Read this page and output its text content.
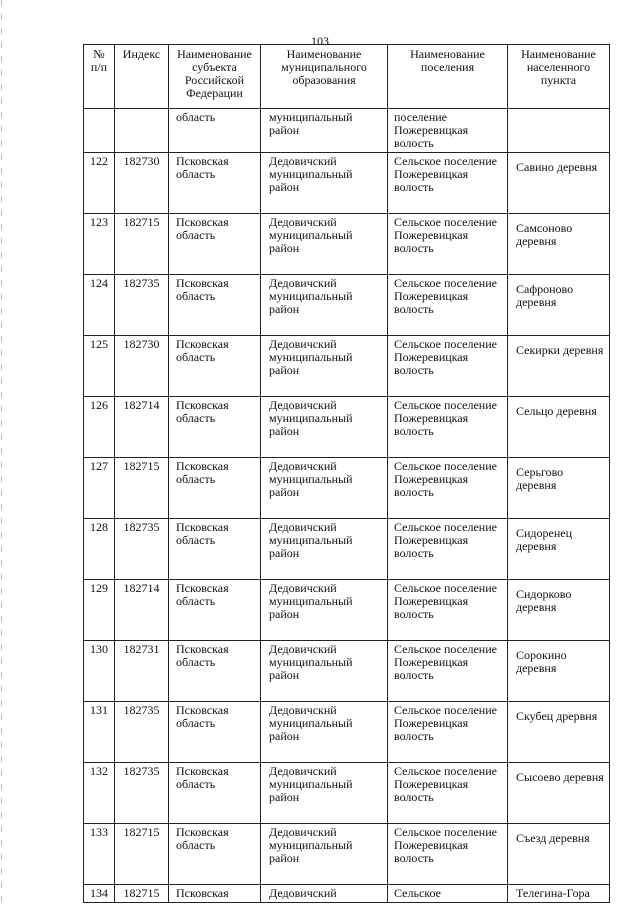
103
№ п/п	Индекс	Наименование субъекта Российской Федерации	Наименование муниципального образования	Наименование поселения	Наименование населенного пункта
		область	муниципальный район	поселение Пожеревицкая волость	
122	182730	Псковская область	Дедовичский муниципальный район	Сельское поселение Пожеревицкая волость	Савино деревня
123	182715	Псковская область	Дедовичский муниципальный район	Сельское поселение Пожеревицкая волость	Самсоново деревня
124	182735	Псковская область	Дедовичский муниципальный район	Сельское поселение Пожеревицкая волость	Сафроново деревня
125	182730	Псковская область	Дедовичский муниципальный район	Сельское поселение Пожеревицкая волость	Секирки деревня
126	182714	Псковская область	Дедовичский муниципальный район	Сельское поселение Пожеревицкая волость	Сельцо деревня
127	182715	Псковская область	Дедовичский муниципальный район	Сельское поселение Пожеревицкая волость	Серьгово деревня
128	182735	Псковская область	Дедовичский муниципальный район	Сельское поселение Пожеревицкая волость	Сидоренец деревня
129	182714	Псковская область	Дедовичский муниципальный район	Сельское поселение Пожеревицкая волость	Сидорково деревня
130	182731	Псковская область	Дедовичский муниципальный район	Сельское поселение Пожеревицкая волость	Сорокино деревня
131	182735	Псковская область	Дедовичскнй муниципальный район	Сельское поселение Пожеревицкая волость	Скубец дрервня
132	182735	Псковская область	Дедовичский муниципальный район	Сельское поселение Пожеревицкая волость	Сысоево деревня
133	182715	Псковская область	Дедовичский муниципальный район	Сельское поселение Пожеревицкая волость	Съезд деревня
134	182715	Псковская	Дедовичский	Сельское	Телегина-Гора
